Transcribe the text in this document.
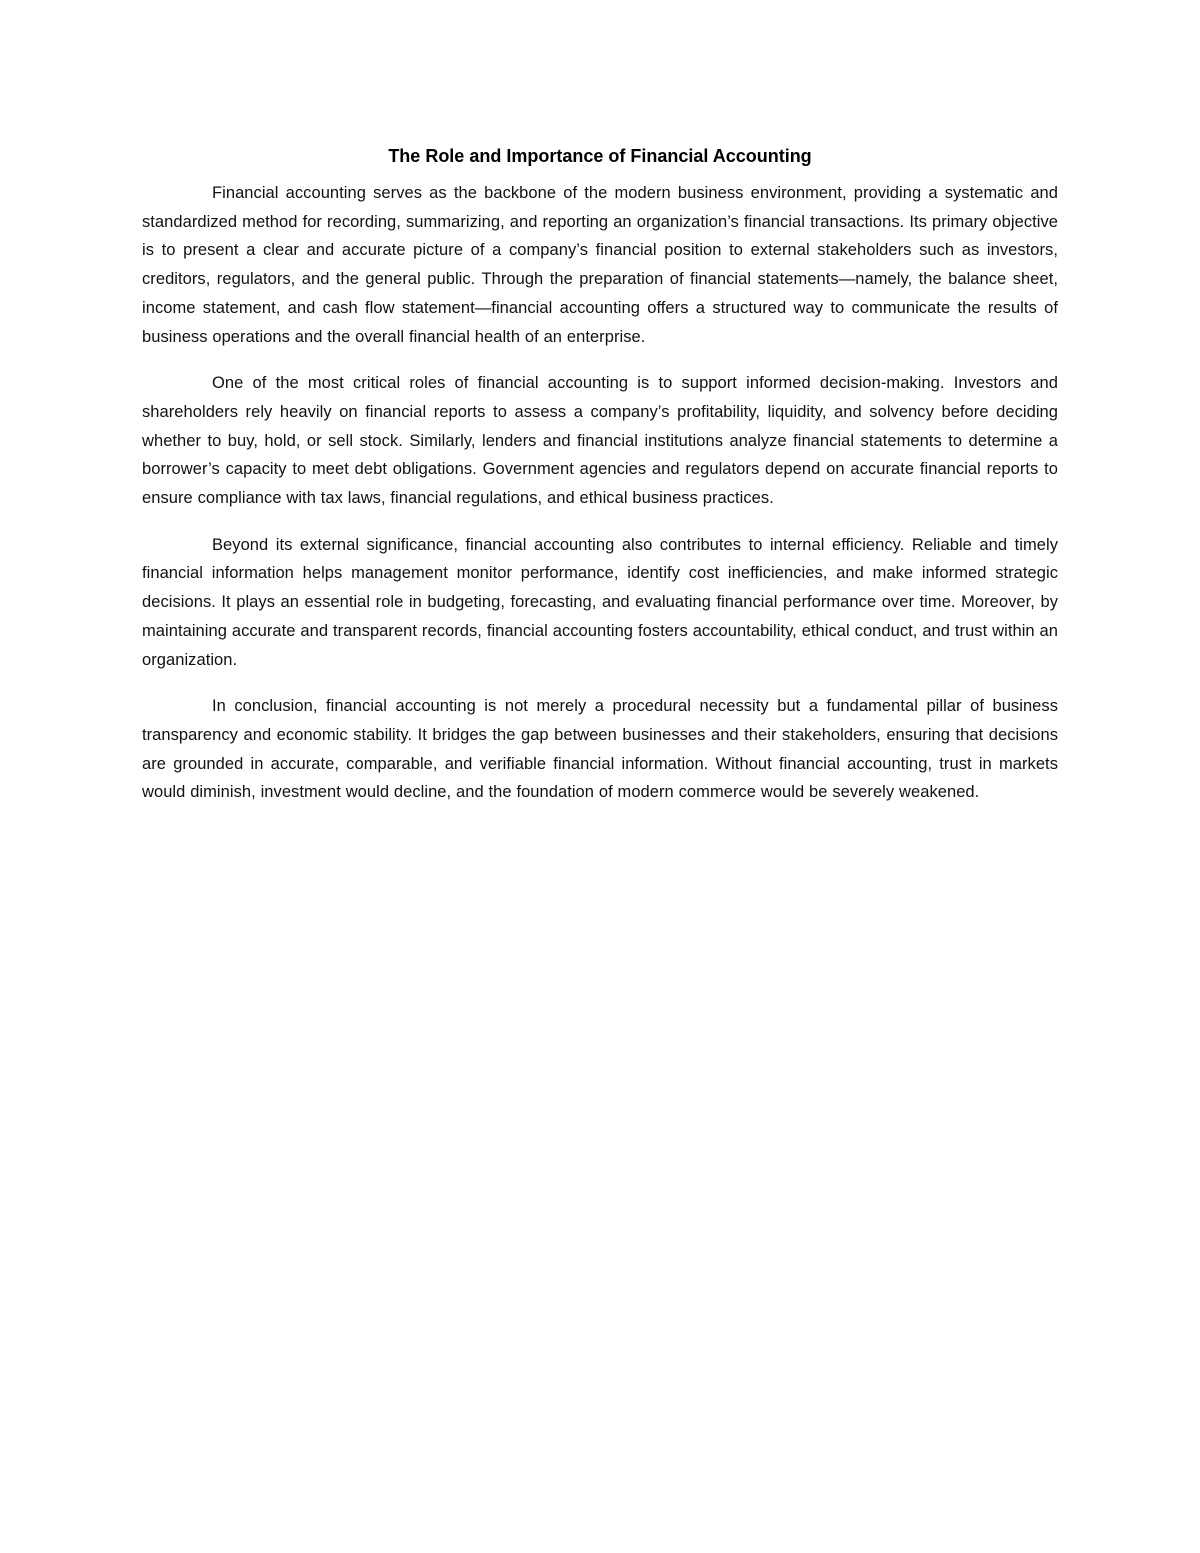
The Role and Importance of Financial Accounting

Financial accounting serves as the backbone of the modern business environment, providing a systematic and standardized method for recording, summarizing, and reporting an organization’s financial transactions. Its primary objective is to present a clear and accurate picture of a company’s financial position to external stakeholders such as investors, creditors, regulators, and the general public. Through the preparation of financial statements—namely, the balance sheet, income statement, and cash flow statement—financial accounting offers a structured way to communicate the results of business operations and the overall financial health of an enterprise.

One of the most critical roles of financial accounting is to support informed decision-making. Investors and shareholders rely heavily on financial reports to assess a company’s profitability, liquidity, and solvency before deciding whether to buy, hold, or sell stock. Similarly, lenders and financial institutions analyze financial statements to determine a borrower’s capacity to meet debt obligations. Government agencies and regulators depend on accurate financial reports to ensure compliance with tax laws, financial regulations, and ethical business practices.

Beyond its external significance, financial accounting also contributes to internal efficiency. Reliable and timely financial information helps management monitor performance, identify cost inefficiencies, and make informed strategic decisions. It plays an essential role in budgeting, forecasting, and evaluating financial performance over time. Moreover, by maintaining accurate and transparent records, financial accounting fosters accountability, ethical conduct, and trust within an organization.

In conclusion, financial accounting is not merely a procedural necessity but a fundamental pillar of business transparency and economic stability. It bridges the gap between businesses and their stakeholders, ensuring that decisions are grounded in accurate, comparable, and verifiable financial information. Without financial accounting, trust in markets would diminish, investment would decline, and the foundation of modern commerce would be severely weakened.
